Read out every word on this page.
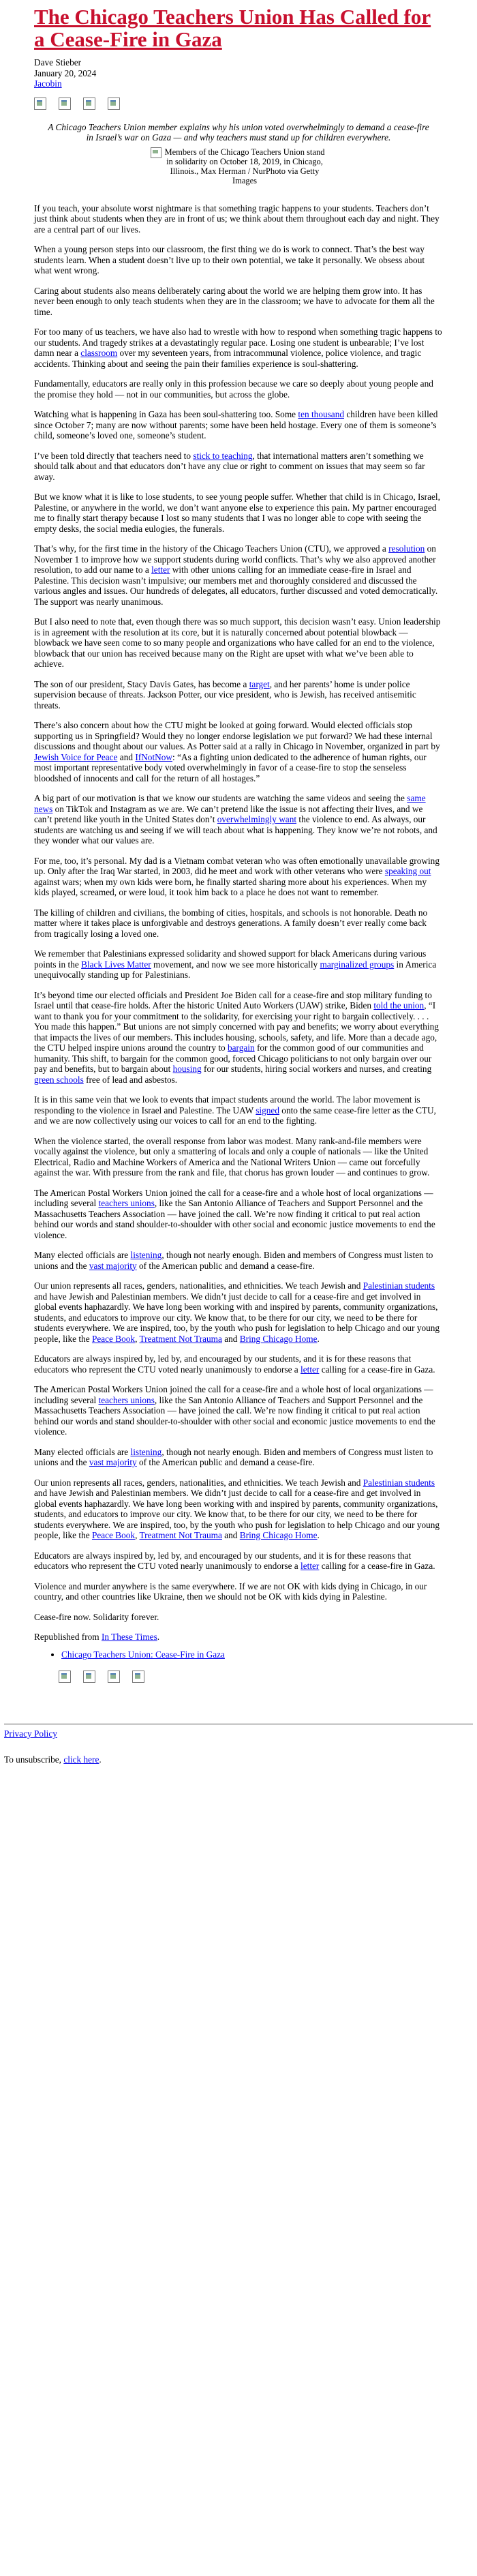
The Chicago Teachers Union Has Called for a Cease-Fire in Gaza
Dave Stieber
January 20, 2024
Jacobin

A Chicago Teachers Union member explains why his union voted overwhelmingly to demand a cease-fire in Israel’s war on Gaza — and why teachers must stand up for children everywhere.

Members of the Chicago Teachers Union stand in solidarity on October 18, 2019, in Chicago, Illinois., Max Herman / NurPhoto via Getty Images

If you teach, your absolute worst nightmare is that something tragic happens to your students. Teachers don’t just think about students when they are in front of us; we think about them throughout each day and night. They are a central part of our lives.

When a young person steps into our classroom, the first thing we do is work to connect. That’s the best way students learn. When a student doesn’t live up to their own potential, we take it personally. We obsess about what went wrong.

Caring about students also means deliberately caring about the world we are helping them grow into. It has never been enough to only teach students when they are in the classroom; we have to advocate for them all the time.

For too many of us teachers, we have also had to wrestle with how to respond when something tragic happens to our students. And tragedy strikes at a devastatingly regular pace. Losing one student is unbearable; I’ve lost damn near a classroom over my seventeen years, from intracommunal violence, police violence, and tragic accidents. Thinking about and seeing the pain their families experience is soul-shattering.

Fundamentally, educators are really only in this profession because we care so deeply about young people and the promise they hold — not in our communities, but across the globe.

Watching what is happening in Gaza has been soul-shattering too. Some ten thousand children have been killed since October 7; many are now without parents; some have been held hostage. Every one of them is someone’s child, someone’s loved one, someone’s student.

I’ve been told directly that teachers need to stick to teaching, that international matters aren’t something we should talk about and that educators don’t have any clue or right to comment on issues that may seem so far away.

But we know what it is like to lose students, to see young people suffer. Whether that child is in Chicago, Israel, Palestine, or anywhere in the world, we don’t want anyone else to experience this pain. My partner encouraged me to finally start therapy because I lost so many students that I was no longer able to cope with seeing the empty desks, the social media eulogies, the funerals.

That’s why, for the first time in the history of the Chicago Teachers Union (CTU), we approved a resolution on November 1 to improve how we support students during world conflicts. That’s why we also approved another resolution, to add our name to a letter with other unions calling for an immediate cease-fire in Israel and Palestine. This decision wasn’t impulsive; our members met and thoroughly considered and discussed the various angles and issues. Our hundreds of delegates, all educators, further discussed and voted democratically. The support was nearly unanimous.

But I also need to note that, even though there was so much support, this decision wasn’t easy. Union leadership is in agreement with the resolution at its core, but it is naturally concerned about potential blowback — blowback we have seen come to so many people and organizations who have called for an end to the violence, blowback that our union has received because many on the Right are upset with what we’ve been able to achieve.

The son of our president, Stacy Davis Gates, has become a target, and her parents’ home is under police supervision because of threats. Jackson Potter, our vice president, who is Jewish, has received antisemitic threats.

There’s also concern about how the CTU might be looked at going forward. Would elected officials stop supporting us in Springfield? Would they no longer endorse legislation we put forward? We had these internal discussions and thought about our values. As Potter said at a rally in Chicago in November, organized in part by Jewish Voice for Peace and IfNotNow: “As a fighting union dedicated to the adherence of human rights, our most important representative body voted overwhelmingly in favor of a cease-fire to stop the senseless bloodshed of innocents and call for the return of all hostages.”

A big part of our motivation is that we know our students are watching the same videos and seeing the same news on TikTok and Instagram as we are. We can’t pretend like the issue is not affecting their lives, and we can’t pretend like youth in the United States don’t overwhelmingly want the violence to end. As always, our students are watching us and seeing if we will teach about what is happening. They know we’re not robots, and they wonder what our values are.

For me, too, it’s personal. My dad is a Vietnam combat veteran who was often emotionally unavailable growing up. Only after the Iraq War started, in 2003, did he meet and work with other veterans who were speaking out against wars; when my own kids were born, he finally started sharing more about his experiences. When my kids played, screamed, or were loud, it took him back to a place he does not want to remember.

The killing of children and civilians, the bombing of cities, hospitals, and schools is not honorable. Death no matter where it takes place is unforgivable and destroys generations. A family doesn’t ever really come back from tragically losing a loved one.

We remember that Palestinians expressed solidarity and showed support for black Americans during various points in the Black Lives Matter movement, and now we see more historically marginalized groups in America unequivocally standing up for Palestinians.

It’s beyond time our elected officials and President Joe Biden call for a cease-fire and stop military funding to Israel until that cease-fire holds. After the historic United Auto Workers (UAW) strike, Biden told the union, “I want to thank you for your commitment to the solidarity, for exercising your right to bargain collectively. . . . You made this happen.” But unions are not simply concerned with pay and benefits; we worry about everything that impacts the lives of our members. This includes housing, schools, safety, and life. More than a decade ago, the CTU helped inspire unions around the country to bargain for the common good of our communities and humanity. This shift, to bargain for the common good, forced Chicago politicians to not only bargain over our pay and benefits, but to bargain about housing for our students, hiring social workers and nurses, and creating green schools free of lead and asbestos.

It is in this same vein that we look to events that impact students around the world. The labor movement is responding to the violence in Israel and Palestine. The UAW signed onto the same cease-fire letter as the CTU, and we are now collectively using our voices to call for an end to the fighting.

When the violence started, the overall response from labor was modest. Many rank-and-file members were vocally against the violence, but only a smattering of locals and only a couple of nationals — like the United Electrical, Radio and Machine Workers of America and the National Writers Union — came out forcefully against the war. With pressure from the rank and file, that chorus has grown louder — and continues to grow.

The American Postal Workers Union joined the call for a cease-fire and a whole host of local organizations — including several teachers unions, like the San Antonio Alliance of Teachers and Support Personnel and the Massachusetts Teachers Association — have joined the call. We’re now finding it critical to put real action behind our words and stand shoulder-to-shoulder with other social and economic justice movements to end the violence.

Many elected officials are listening, though not nearly enough. Biden and members of Congress must listen to unions and the vast majority of the American public and demand a cease-fire.

Our union represents all races, genders, nationalities, and ethnicities. We teach Jewish and Palestinian students and have Jewish and Palestinian members. We didn’t just decide to call for a cease-fire and get involved in global events haphazardly. We have long been working with and inspired by parents, community organizations, students, and educators to improve our city. We know that, to be there for our city, we need to be there for students everywhere. We are inspired, too, by the youth who push for legislation to help Chicago and our young people, like the Peace Book, Treatment Not Trauma and Bring Chicago Home.

Educators are always inspired by, led by, and encouraged by our students, and it is for these reasons that educators who represent the CTU voted nearly unanimously to endorse a letter calling for a cease-fire in Gaza.

The American Postal Workers Union joined the call for a cease-fire and a whole host of local organizations — including several teachers unions, like the San Antonio Alliance of Teachers and Support Personnel and the Massachusetts Teachers Association — have joined the call. We’re now finding it critical to put real action behind our words and stand shoulder-to-shoulder with other social and economic justice movements to end the violence.

Many elected officials are listening, though not nearly enough. Biden and members of Congress must listen to unions and the vast majority of the American public and demand a cease-fire.

Our union represents all races, genders, nationalities, and ethnicities. We teach Jewish and Palestinian students and have Jewish and Palestinian members. We didn’t just decide to call for a cease-fire and get involved in global events haphazardly. We have long been working with and inspired by parents, community organizations, students, and educators to improve our city. We know that, to be there for our city, we need to be there for students everywhere. We are inspired, too, by the youth who push for legislation to help Chicago and our young people, like the Peace Book, Treatment Not Trauma and Bring Chicago Home.

Educators are always inspired by, led by, and encouraged by our students, and it is for these reasons that educators who represent the CTU voted nearly unanimously to endorse a letter calling for a cease-fire in Gaza.

Violence and murder anywhere is the same everywhere. If we are not OK with kids dying in Chicago, in our country, and other countries like Ukraine, then we should not be OK with kids dying in Palestine.

Cease-fire now. Solidarity forever.

Republished from In These Times.

• Chicago Teachers Union: Cease-Fire in Gaza
Privacy Policy
To unsubscribe, click here.
